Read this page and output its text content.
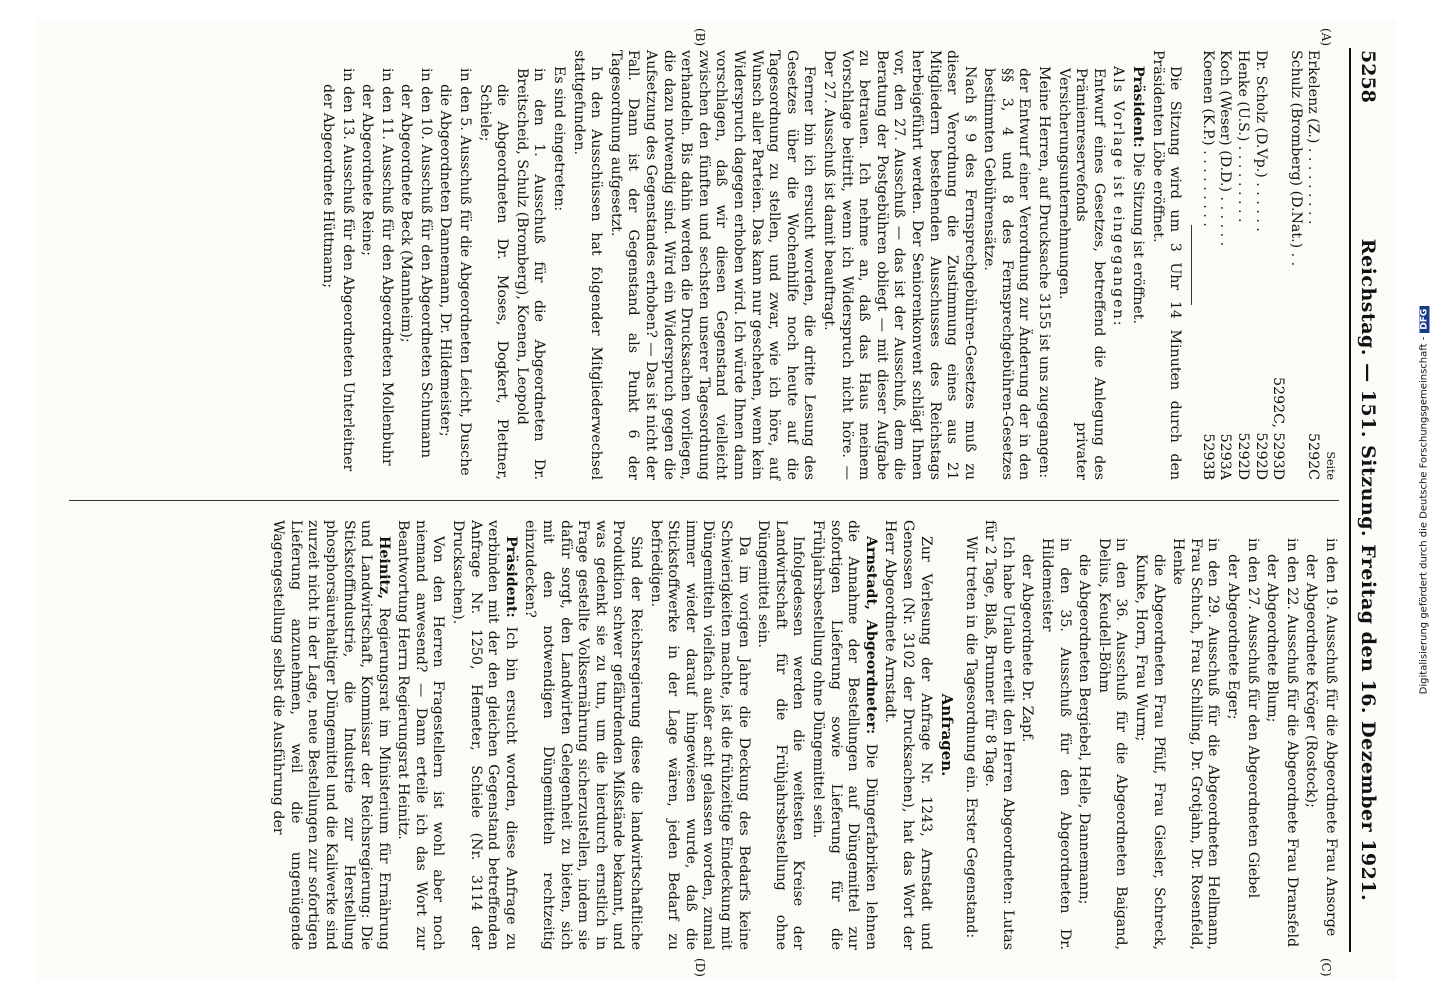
5258
Reichstag. — 151. Sitzung. Freitag den 16. Dezember 1921.
(A)
(B)
(C)
(D)
Seite
Erkelenz (Z.) . . . . . . . . .	5292C
Schulz (Bromberg) (D.Nat.) . .	
	5292C, 5293D
Dr. Scholz (D.Vp.) . . . . . .	5292D
Henke (U.S.) . . . . . . . . .	5292D
Koch (Weser) (D.D.) . . . . . .	5293A
Koenen (K.P.) . . . . . . . . .	5293B

Die Sitzung wird um 3 Uhr 14 Minuten durch den Präsidenten Löbe eröffnet.

Präsident: Die Sitzung ist eröffnet.

Als Vorlage ist eingegangen:

Entwurf eines Gesetzes, betreffend die Anlegung des Prämienreservefonds privater Versicherungsunternehmungen.

Meine Herren, auf Drucksache 3155 ist uns zugegangen:

der Entwurf einer Verordnung zur Änderung der in den §§ 3, 4 und 8 des Fernsprechgebühren-Gesetzes bestimmten Gebührensätze.

Nach § 9 des Fernsprechgebühren-Gesetzes muß zu dieser Verordnung die Zustimmung eines aus 21 Mitgliedern bestehenden Ausschusses des Reichstags herbeigeführt werden. Der Seniorenkonvent schlägt Ihnen vor, den 27. Ausschuß — das ist der Ausschuß, dem die Beratung der Postgebühren obliegt — mit dieser Aufgabe zu betrauen. Ich nehme an, daß das Haus meinem Vorschlage beitritt, wenn ich Widerspruch nicht höre. — Der 27. Ausschuß ist damit beauftragt.

Ferner bin ich ersucht worden, die dritte Lesung des Gesetzes über die Wochenhilfe noch heute auf die Tagesordnung zu stellen, und zwar, wie ich höre, auf Wunsch aller Parteien. Das kann nur geschehen, wenn kein Widerspruch dagegen erhoben wird. Ich würde Ihnen dann vorschlagen, daß wir diesen Gegenstand vielleicht zwischen den fünften und sechsten unserer Tagesordnung verhandeln. Bis dahin werden die Drucksachen vorliegen, die dazu notwendig sind. Wird ein Widerspruch gegen die Aufsetzung des Gegenstandes erhoben? — Das ist nicht der Fall. Dann ist der Gegenstand als Punkt 6 der Tagesordnung aufgesetzt.

In den Ausschüssen hat folgender Mitgliederwechsel stattgefunden.

Es sind eingetreten:

in den 1. Ausschuß für die Abgeordneten Dr. Breitscheid, Schulz (Bromberg), Koenen, Leopold

die Abgeordneten Dr. Moses, Dogkert, Plettner, Schiele;

in den 5. Ausschuß für die Abgeordneten Leicht, Dusche

die Abgeordneten Dannemann, Dr. Hildemeister;

in den 10. Ausschuß für den Abgeordneten Schumann

der Abgeordnete Beck (Mannheim);

in den 11. Ausschuß für den Abgeordneten Mollenbuhr

der Abgeordnete Reine;

in den 13. Ausschuß für den Abgeordneten Unterleitner

der Abgeordnete Hüttmann;

in den 19. Ausschuß für die Abgeordnete Frau Ansorge

der Abgeordnete Kröger (Rostock);

in den 22. Ausschuß für die Abgeordnete Frau Dransfeld

der Abgeordnete Blum;

in den 27. Ausschuß für den Abgeordneten Giebel

der Abgeordnete Eger;

in den 29. Ausschuß für die Abgeordneten Hellmann, Frau Schuch, Frau Schilling, Dr. Grotjahn, Dr. Rosenfeld, Henke

die Abgeordneten Frau Pfülf, Frau Giesler, Schreck, Kunke, Horn, Frau Wurm;

in den 36. Ausschuß für die Abgeordneten Baigand, Delius, Keudell-Böhm

die Abgeordneten Bergiebel, Helle, Dannemann;

in den 35. Ausschuß für den Abgeordneten Dr. Hildemeister

der Abgeordnete Dr. Zapf.

Ich habe Urlaub erteilt den Herren Abgeordneten: Lutas für 2 Tage, Blaß, Brunner für 8 Tage.

Wir treten in die Tagesordnung ein. Erster Gegenstand:

Anfragen.

Zur Verlesung der Anfrage Nr. 1243, Arnstadt und Genossen (Nr. 3102 der Drucksachen), hat das Wort der Herr Abgeordnete Arnstadt.

Arnstadt, Abgeordneter: Die Düngerfabriken lehnen die Annahme der Bestellungen auf Düngemittel zur sofortigen Lieferung sowie Lieferung für die Frühjahrsbestellung ohne Düngemittel sein.

Infolgedessen werden die weitesten Kreise der Landwirtschaft für die Frühjahrsbestellung ohne Düngemittel sein.

Da im vorigen Jahre die Deckung des Bedarfs keine Schwierigkeiten machte, ist die frühzeitige Eindeckung mit Düngemitteln vielfach außer acht gelassen worden, zumal immer wieder darauf hingewiesen wurde, daß die Stickstoffwerke in der Lage wären, jeden Bedarf zu befriedigen.

Sind der Reichsregierung diese die landwirtschaftliche Produktion schwer gefährdenden Mißstände bekannt, und was gedenkt sie zu tun, um die hierdurch ernstlich in Frage gestellte Volksernährung sicherzustellen, indem sie dafür sorgt, den Landwirten Gelegenheit zu bieten, sich mit den notwendigen Düngemitteln rechtzeitig einzudecken?

Präsident: Ich bin ersucht worden, diese Anfrage zu verbinden mit der den gleichen Gegenstand betreffenden Anfrage Nr. 1250, Hemeter, Schiele (Nr. 3114 der Drucksachen).

Von den Herren Fragestellern ist wohl aber noch niemand anwesend? — Dann erteile ich das Wort zur Beantwortung Herrn Regierungsrat Heinitz.

Heinitz, Regierungsrat im Ministerium für Ernährung und Landwirtschaft, Kommissar der Reichsregierung: Die Stickstoffindustrie, die Industrie zur Herstellung phosphorsäurehaltiger Düngemittel und die Kaliwerke sind zurzeit nicht in der Lage, neue Bestellungen zur sofortigen Lieferung anzunehmen, weil die ungenügende Wagengestellung selbst die Ausführung der	Digitalisierung gefördert durch die Deutsche Forschungsgemeinschaft -DFG
